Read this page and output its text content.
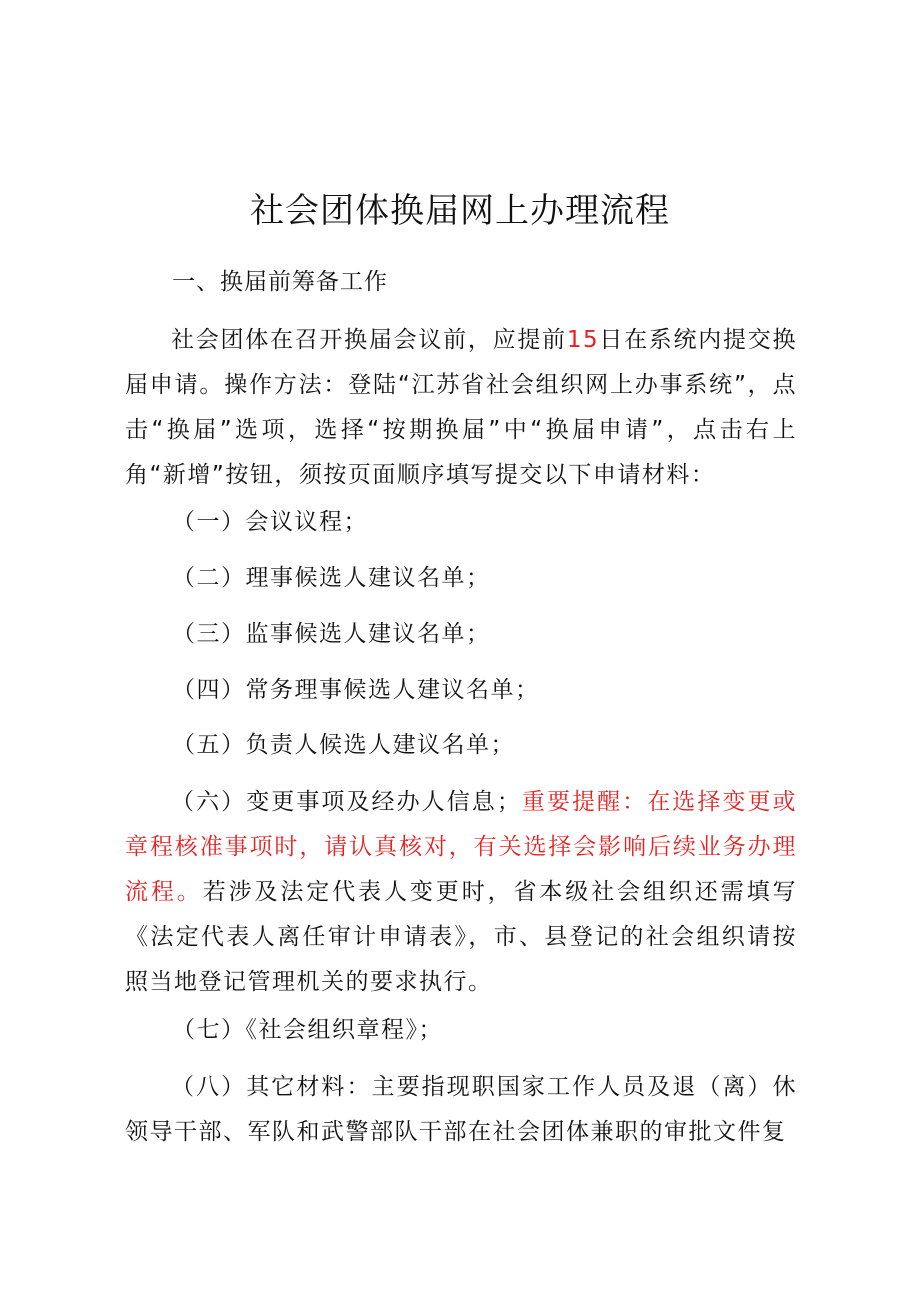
社会团体换届网上办理流程
一、换届前筹备工作
社会团体在召开换届会议前，应提前15日在系统内提交换届申请。操作方法：登陆“江苏省社会组织网上办事系统”，点击“换届”选项，选择“按期换届”中“换届申请”，点击右上角“新增”按钮，须按页面顺序填写提交以下申请材料：
（一）会议议程；
（二）理事候选人建议名单；
（三）监事候选人建议名单；
（四）常务理事候选人建议名单；
（五）负责人候选人建议名单；
（六）变更事项及经办人信息；重要提醒：在选择变更或章程核准事项时，请认真核对，有关选择会影响后续业务办理流程。若涉及法定代表人变更时，省本级社会组织还需填写《法定代表人离任审计申请表》，市、县登记的社会组织请按照当地登记管理机关的要求执行。
（七）《社会组织章程》；
（八）其它材料：主要指现职国家工作人员及退（离）休领导干部、军队和武警部队干部在社会团体兼职的审批文件复
